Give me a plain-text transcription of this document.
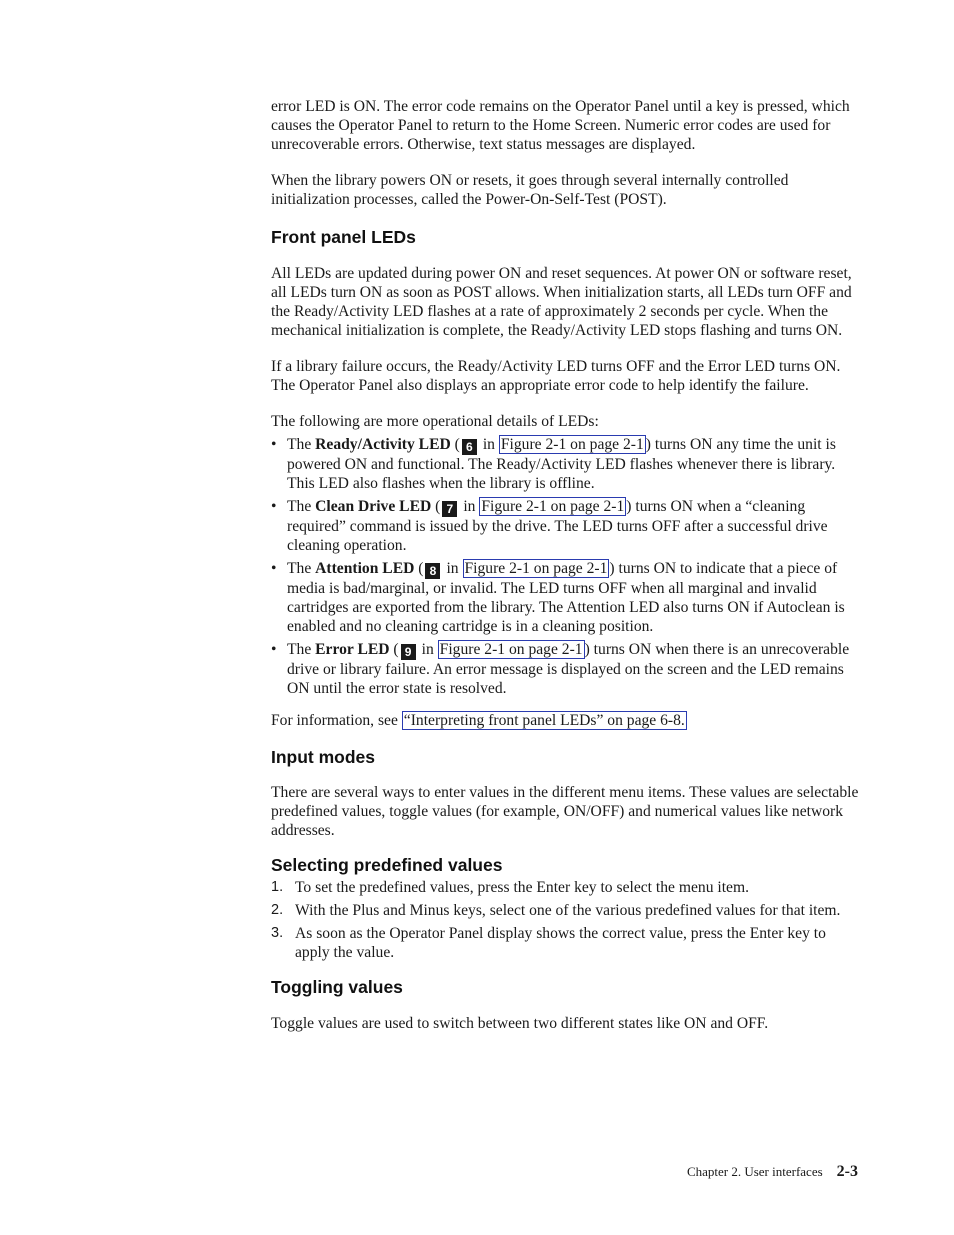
error LED is ON. The error code remains on the Operator Panel until a key is pressed, which causes the Operator Panel to return to the Home Screen. Numeric error codes are used for unrecoverable errors. Otherwise, text status messages are displayed.

When the library powers ON or resets, it goes through several internally controlled initialization processes, called the Power-On-Self-Test (POST).

Front panel LEDs

All LEDs are updated during power ON and reset sequences. At power ON or software reset, all LEDs turn ON as soon as POST allows. When initialization starts, all LEDs turn OFF and the Ready/Activity LED flashes at a rate of approximately 2 seconds per cycle. When the mechanical initialization is complete, the Ready/Activity LED stops flashing and turns ON.

If a library failure occurs, the Ready/Activity LED turns OFF and the Error LED turns ON. The Operator Panel also displays an appropriate error code to help identify the failure.

The following are more operational details of LEDs:

• The Ready/Activity LED ( 6 in Figure 2-1 on page 2-1 ) turns ON any time the unit is powered ON and functional. The Ready/Activity LED flashes whenever there is library. This LED also flashes when the library is offline.
• The Clean Drive LED ( 7 in Figure 2-1 on page 2-1 ) turns ON when a “cleaning required” command is issued by the drive. The LED turns OFF after a successful drive cleaning operation.
• The Attention LED ( 8 in Figure 2-1 on page 2-1 ) turns ON to indicate that a piece of media is bad/marginal, or invalid. The LED turns OFF when all marginal and invalid cartridges are exported from the library. The Attention LED also turns ON if Autoclean is enabled and no cleaning cartridge is in a cleaning position.
• The Error LED ( 9 in Figure 2-1 on page 2-1 ) turns ON when there is an unrecoverable drive or library failure. An error message is displayed on the screen and the LED remains ON until the error state is resolved.

For information, see “Interpreting front panel LEDs” on page 6-8.

Input modes

There are several ways to enter values in the different menu items. These values are selectable predefined values, toggle values (for example, ON/OFF) and numerical values like network addresses.

Selecting predefined values
1. To set the predefined values, press the Enter key to select the menu item.
2. With the Plus and Minus keys, select one of the various predefined values for that item.
3. As soon as the Operator Panel display shows the correct value, press the Enter key to apply the value.
Toggling values

Toggle values are used to switch between two different states like ON and OFF.

Chapter 2. User interfaces 2-3
